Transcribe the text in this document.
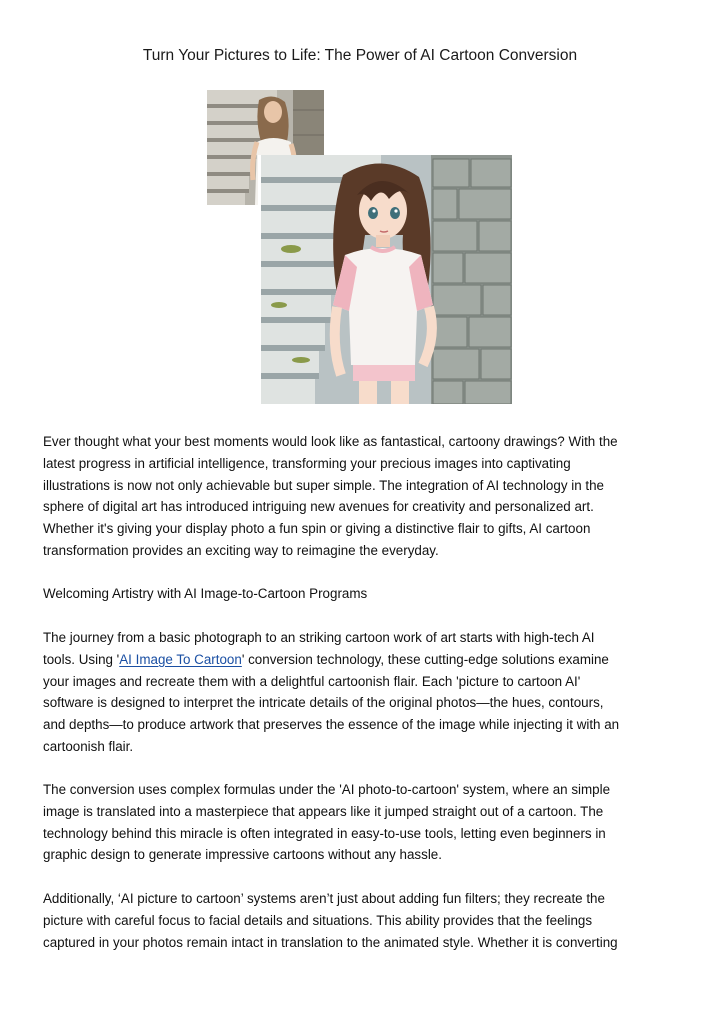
Turn Your Pictures to Life: The Power of AI Cartoon Conversion
Ever thought what your best moments would look like as fantastical, cartoony drawings? With the
latest progress in artificial intelligence, transforming your precious images into captivating
illustrations is now not only achievable but super simple. The integration of AI technology in the
sphere of digital art has introduced intriguing new avenues for creativity and personalized art.
Whether it's giving your display photo a fun spin or giving a distinctive flair to gifts, AI cartoon
transformation provides an exciting way to reimagine the everyday.
Welcoming Artistry with AI Image-to-Cartoon Programs
The journey from a basic photograph to an striking cartoon work of art starts with high-tech AI
tools. Using 'AI Image To Cartoon' conversion technology, these cutting-edge solutions examine
your images and recreate them with a delightful cartoonish flair. Each 'picture to cartoon AI'
software is designed to interpret the intricate details of the original photos—the hues, contours,
and depths—to produce artwork that preserves the essence of the image while injecting it with an
cartoonish flair.
The conversion uses complex formulas under the 'AI photo-to-cartoon' system, where an simple
image is translated into a masterpiece that appears like it jumped straight out of a cartoon. The
technology behind this miracle is often integrated in easy-to-use tools, letting even beginners in
graphic design to generate impressive cartoons without any hassle.
Additionally, ‘AI picture to cartoon’ systems aren’t just about adding fun filters; they recreate the
picture with careful focus to facial details and situations. This ability provides that the feelings
captured in your photos remain intact in translation to the animated style. Whether it is converting
